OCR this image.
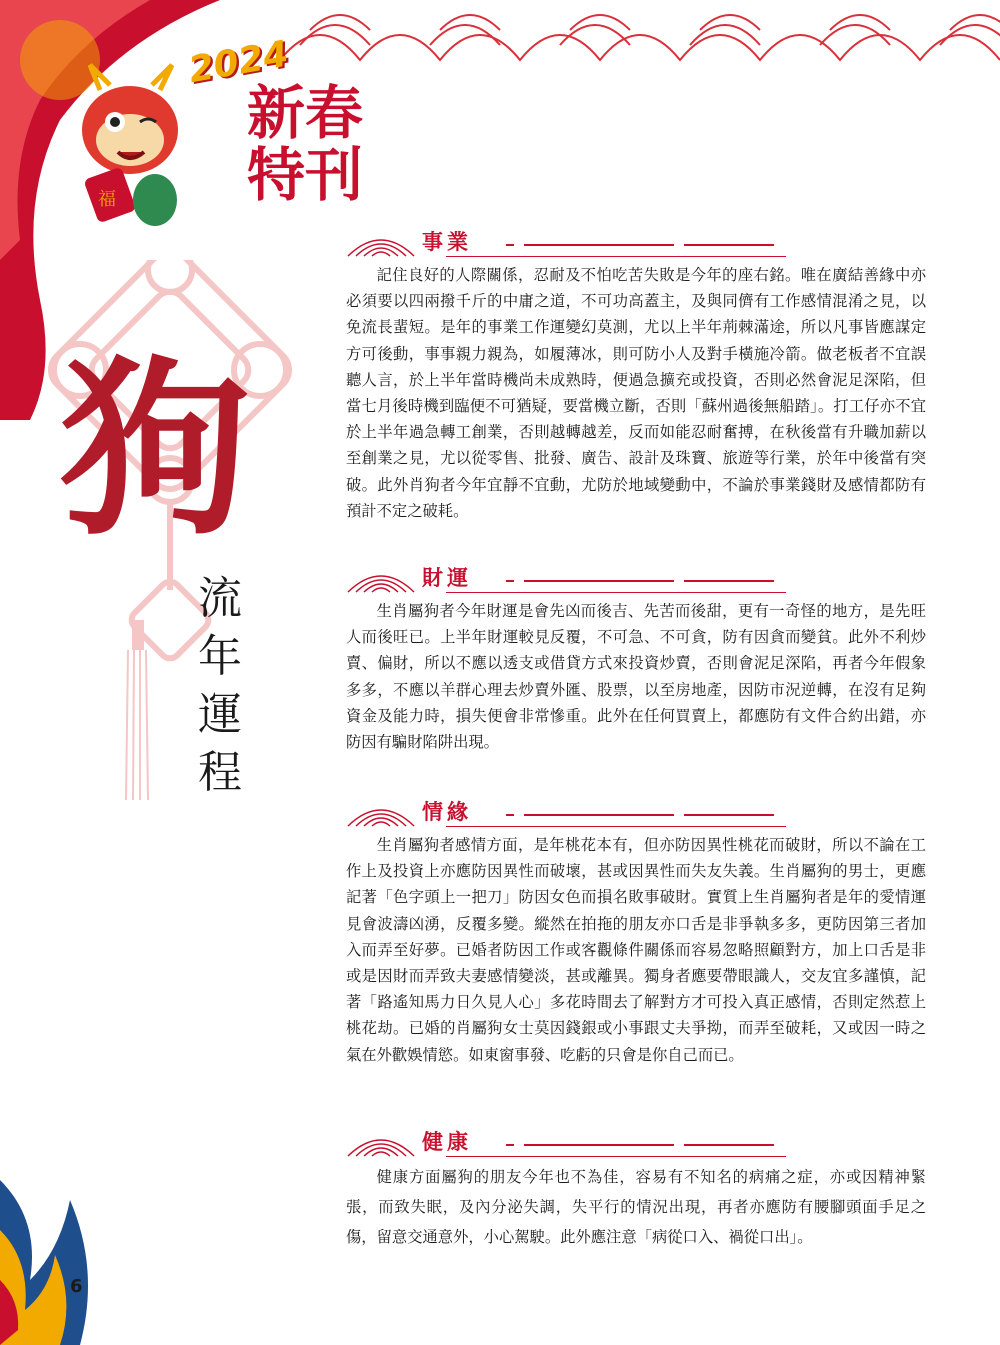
福
2024
新春
特刊
狗
流
年
運
程
事業

記住良好的人際關係，忍耐及不怕吃苦失敗是今年的座右銘。唯在廣結善緣中亦必須要以四兩撥千斤的中庸之道，不可功高蓋主，及與同儕有工作感情混淆之見，以免流長蜚短。是年的事業工作運變幻莫測，尤以上半年荊棘滿途，所以凡事皆應謀定方可後動，事事親力親為，如履薄冰，則可防小人及對手橫施冷箭。做老板者不宜誤聽人言，於上半年當時機尚未成熟時，便過急擴充或投資，否則必然會泥足深陷，但當七月後時機到臨便不可猶疑，要當機立斷，否則「蘇州過後無船踏」。打工仔亦不宜於上半年過急轉工創業，否則越轉越差，反而如能忍耐奮搏，在秋後當有升職加薪以至創業之見，尤以從零售、批發、廣告、設計及珠寶、旅遊等行業，於年中後當有突破。此外肖狗者今年宜靜不宜動，尤防於地域變動中，不論於事業錢財及感情都防有預計不定之破耗。

財運

生肖屬狗者今年財運是會先凶而後吉、先苦而後甜，更有一奇怪的地方，是先旺人而後旺已。上半年財運較見反覆，不可急、不可貪，防有因貪而變貧。此外不利炒賣、偏財，所以不應以透支或借貸方式來投資炒賣，否則會泥足深陷，再者今年假象多多，不應以羊群心理去炒賣外匯、股票，以至房地產，因防市況逆轉，在沒有足夠資金及能力時，損失便會非常慘重。此外在任何買賣上，都應防有文件合約出錯，亦防因有騙財陷阱出現。

情緣

生肖屬狗者感情方面，是年桃花本有，但亦防因異性桃花而破財，所以不論在工作上及投資上亦應防因異性而破壞，甚或因異性而失友失義。生肖屬狗的男士，更應記著「色字頭上一把刀」防因女色而損名敗事破財。實質上生肖屬狗者是年的愛情運見會波濤凶湧，反覆多變。縱然在拍拖的朋友亦口舌是非爭執多多，更防因第三者加入而弄至好夢。已婚者防因工作或客觀條件關係而容易忽略照顧對方，加上口舌是非或是因財而弄致夫妻感情變淡，甚或離異。獨身者應要帶眼識人，交友宜多謹慎，記著「路遙知馬力日久見人心」多花時間去了解對方才可投入真正感情，否則定然惹上桃花劫。已婚的肖屬狗女士莫因錢銀或小事跟丈夫爭拗，而弄至破耗，又或因一時之氣在外歡娛情慾。如東窗事發、吃虧的只會是你自己而已。

健康

健康方面屬狗的朋友今年也不為佳，容易有不知名的病痛之症，亦或因精神緊張，而致失眠，及內分泌失調，失平行的情況出現，再者亦應防有腰腳頭面手足之傷，留意交通意外，小心駕駛。此外應注意「病從口入、禍從口出」。

6
